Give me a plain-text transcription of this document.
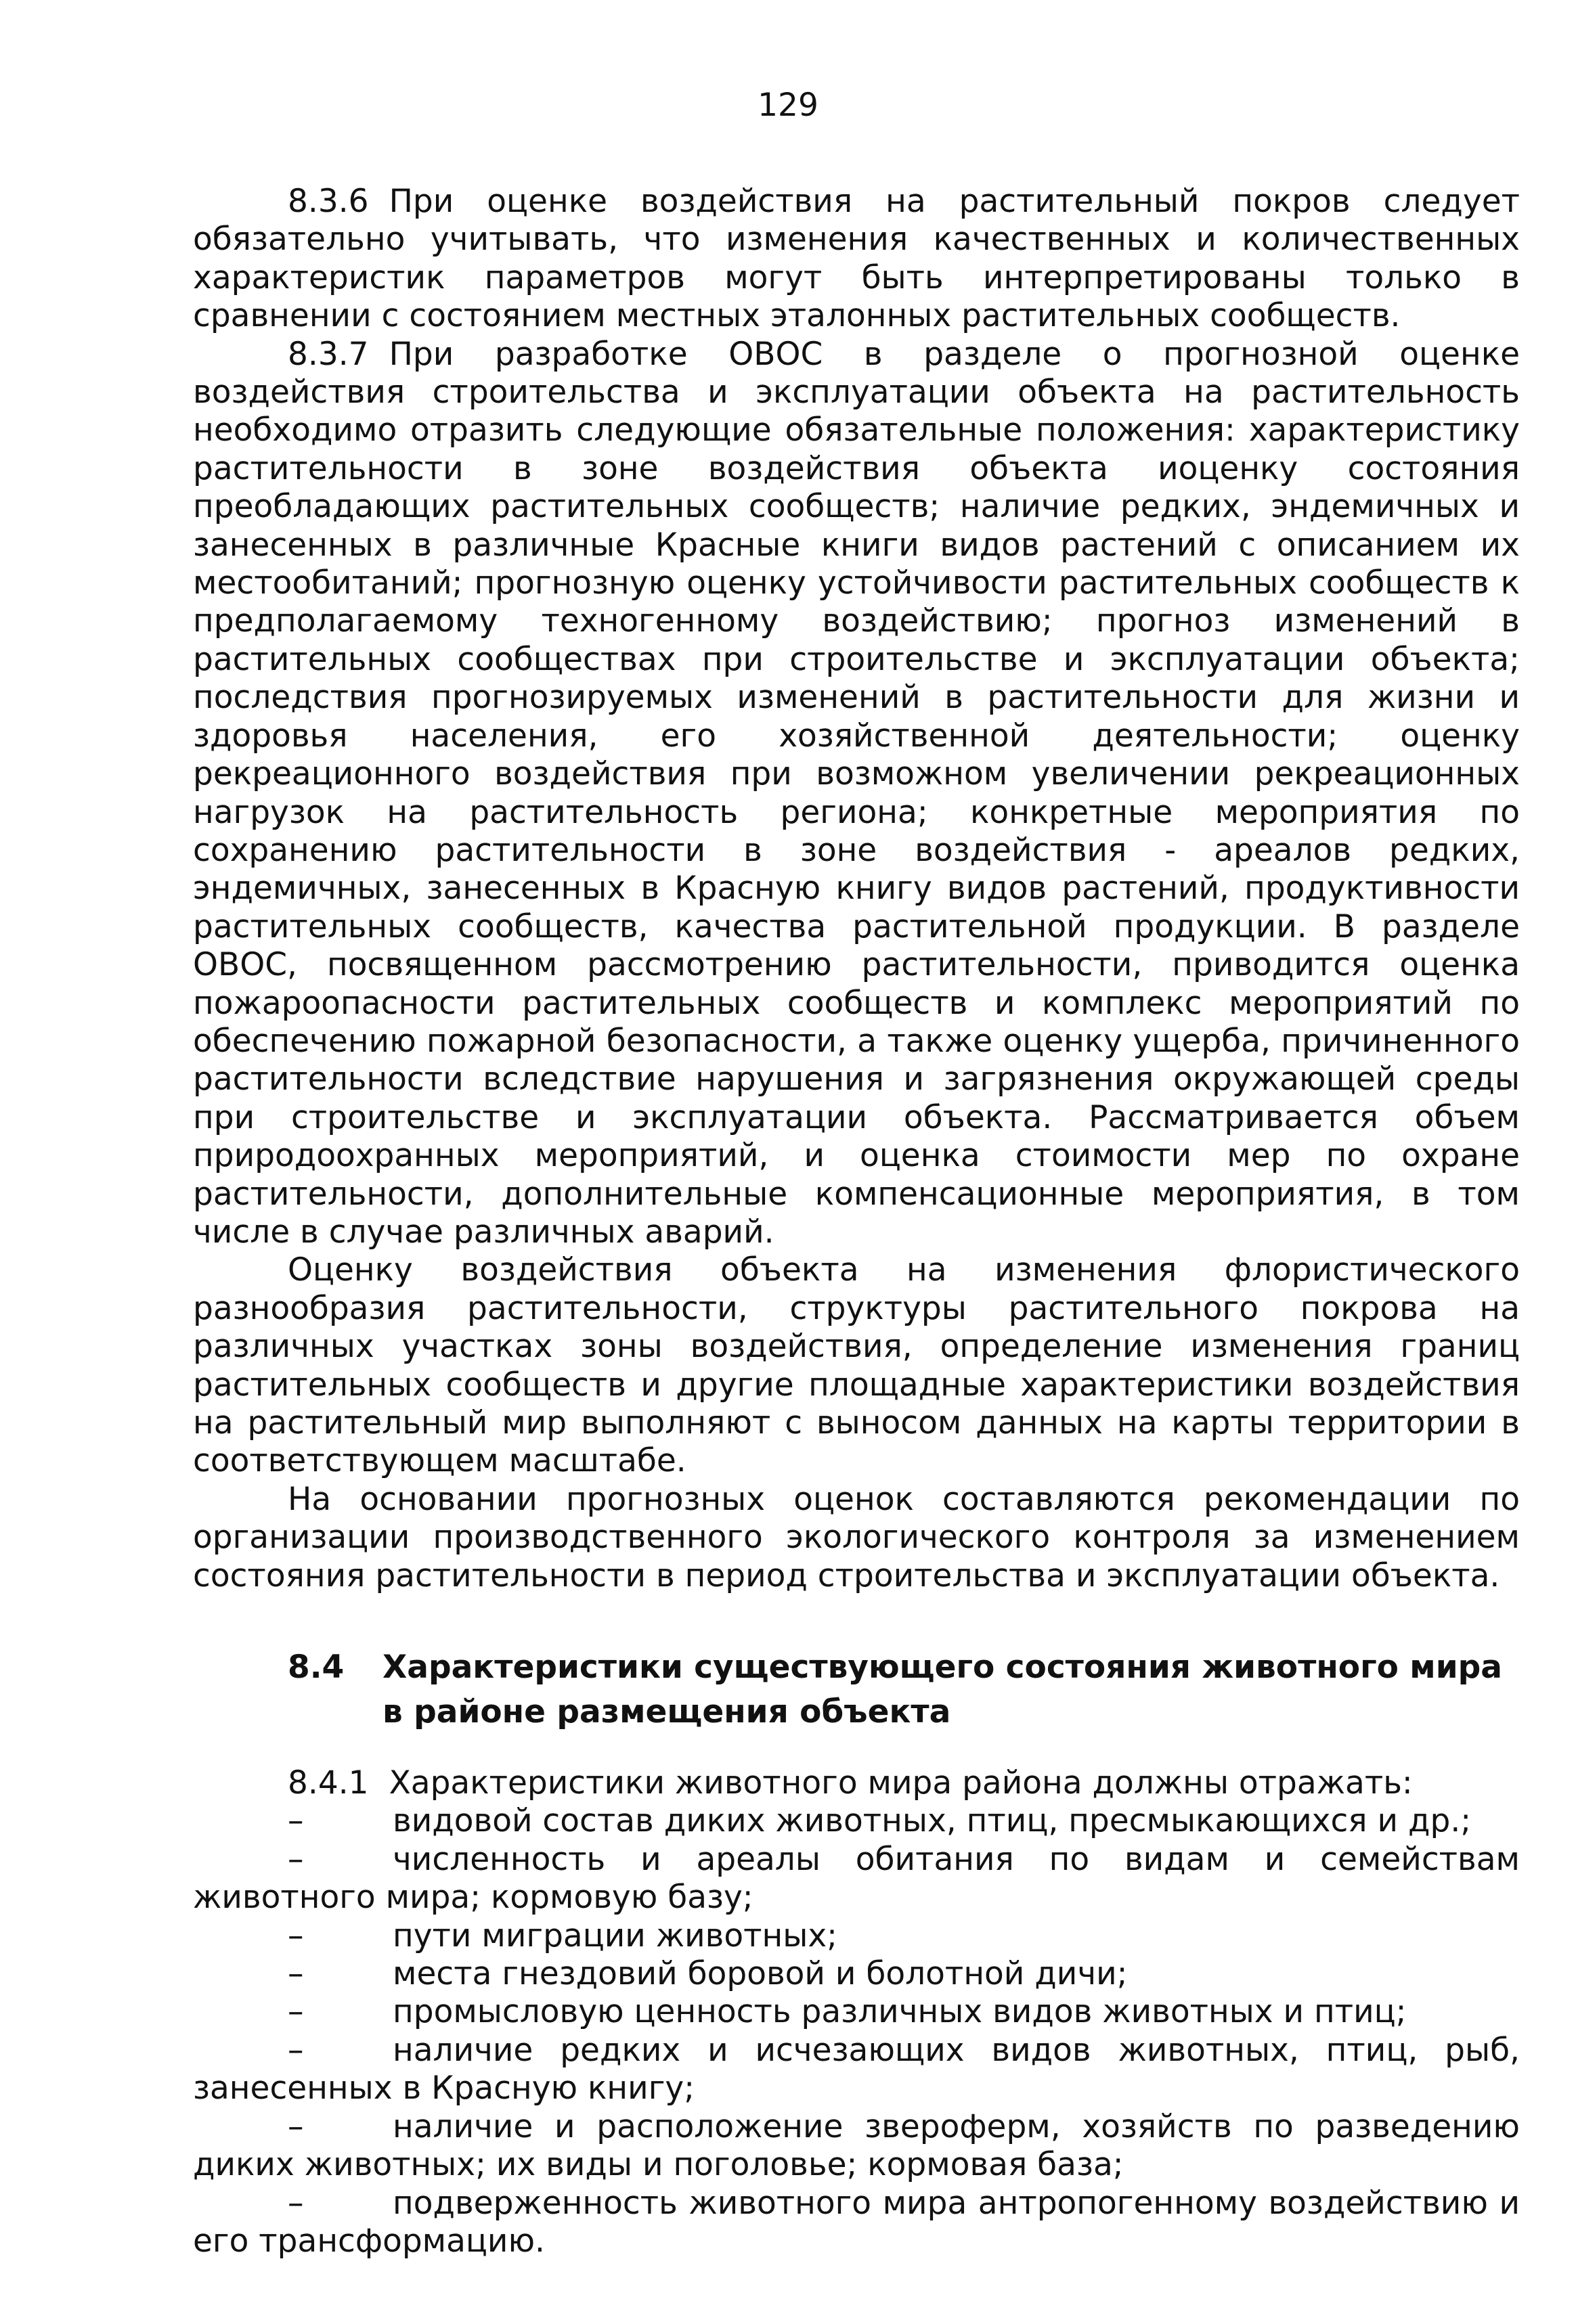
129

8.3.6 При оценке воздействия на растительный покров следует обязательно учитывать, что изменения качественных и количественных характеристик параметров могут быть интерпретированы только в сравнении с состоянием местных эталонных растительных сообществ.

8.3.7 При разработке ОВОС в разделе о прогнозной оценке воздействия строительства и эксплуатации объекта на растительность необходимо отразить следующие обязательные положения: характеристику растительности в зоне воздействия объекта иоценку состояния преобладающих растительных сообществ; наличие редких, эндемичных и занесенных в различные Красные книги видов растений с описанием их местообитаний; прогнозную оценку устойчивости растительных сообществ к предполагаемому техногенному воздействию; прогноз изменений в растительных сообществах при строительстве и эксплуатации объекта; последствия прогнозируемых изменений в растительности для жизни и здоровья населения, его хозяйственной деятельности; оценку рекреационного воздействия при возможном увеличении рекреационных нагрузок на растительность региона; конкретные мероприятия по сохранению растительности в зоне воздействия - ареалов редких, эндемичных, занесенных в Красную книгу видов растений, продуктивности растительных сообществ, качества растительной продукции. В разделе ОВОС, посвященном рассмотрению растительности, приводится оценка пожароопасности растительных сообществ и комплекс мероприятий по обеспечению пожарной безопасности, а также оценку ущерба, причиненного растительности вследствие нарушения и загрязнения окружающей среды при строительстве и эксплуатации объекта. Рассматривается объем природоохранных мероприятий, и оценка стоимости мер по охране растительности, дополнительные компенсационные мероприятия, в том числе в случае различных аварий.

Оценку воздействия объекта на изменения флористического разнообразия растительности, структуры растительного покрова на различных участках зоны воздействия, определение изменения границ растительных сообществ и другие площадные характеристики воздействия на растительный мир выполняют с выносом данных на карты территории в соответствующем масштабе.

На основании прогнозных оценок составляются рекомендации по организации производственного экологического контроля за изменением состояния растительности в период строительства и эксплуатации объекта.

8.4	Характеристики существующего состояния животного мира
в районе размещения объекта

8.4.1 Характеристики животного мира района должны отражать:

–	видовой состав диких животных, птиц, пресмыкающихся и др.;

–	численность и ареалы обитания по видам и семействам животного мира; кормовую базу;

–	пути миграции животных;

–	места гнездовий боровой и болотной дичи;

–	промысловую ценность различных видов животных и птиц;

–	наличие редких и исчезающих видов животных, птиц, рыб, занесенных в Красную книгу;

–	наличие и расположение звероферм, хозяйств по разведению диких животных; их виды и поголовье; кормовая база;

–	подверженность животного мира антропогенному воздействию и его трансформацию.
